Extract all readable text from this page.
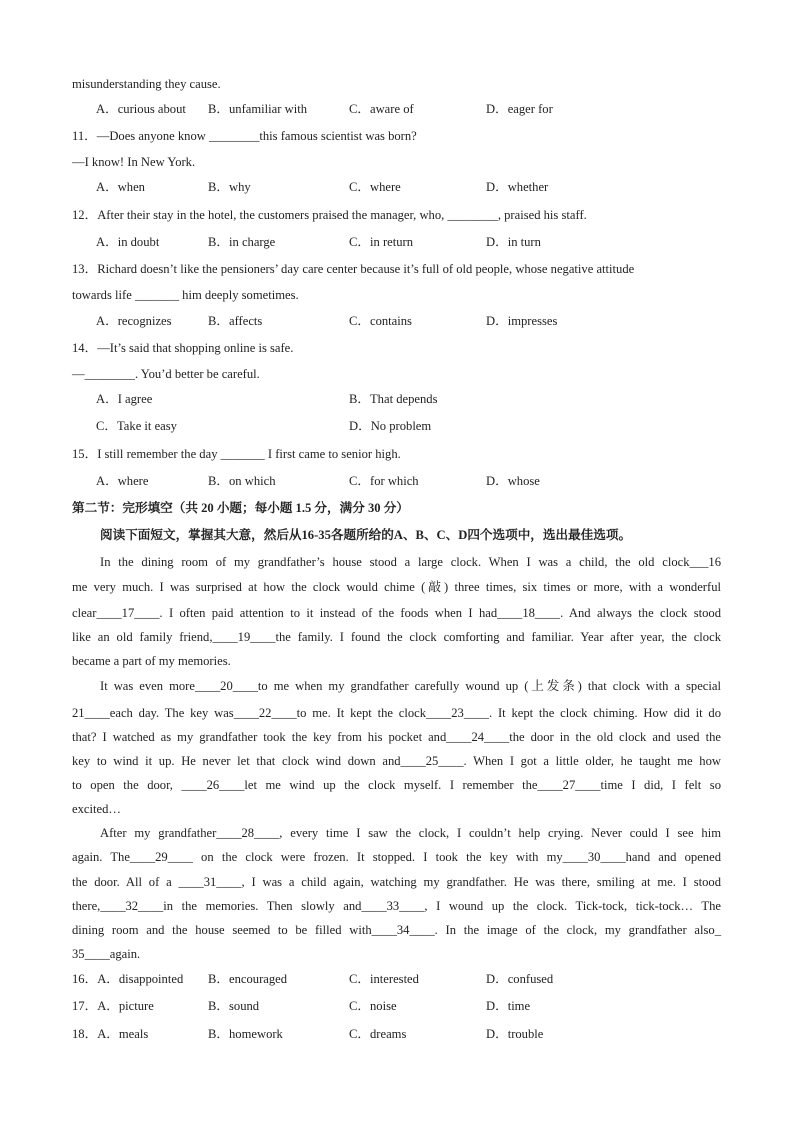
misunderstanding they cause.
A．curious about B．unfamiliar with	C．aware of	D．eager for
11．—Does anyone know ________this famous scientist was born?
—I know! In New York.
A．when	B．why	C．where	D．whether
12．After their stay in the hotel, the customers praised the manager, who, ________, praised his staff.
A．in doubt	B．in charge	C．in return	D．in turn
13．Richard doesn’t like the pensioners’ day care center because it’s full of old people, whose negative attitude
towards life _______ him deeply sometimes.
A．recognizes	B．affects	C．contains	D．impresses
14．—It’s said that shopping online is safe.
—________. You’d better be careful.
A．I agree	B．That depends
C．Take it easy	D．No problem
15．I still remember the day _______ I first came to senior high.
A．where	B．on which	C．for which	D．whose
第二节：完形填空（共 20 小题；每小题 1.5 分，满分 30 分）
阅读下面短文，掌握其大意，然后从16-35各题所给的A、B、C、D四个选项中，选出最佳选项。
In the dining room of my grandfather’s house stood a large clock. When I was a child, the old clock___16
me very much. I was surprised at how the clock would chime (敲) three times, six times or more, with a wonderful
clear____17____. I often paid attention to it instead of the foods when I had____18____. And always the clock stood
like an old family friend,____19____the family. I found the clock comforting and familiar. Year after year, the clock
became a part of my memories.
It was even more____20____to me when my grandfather carefully wound up (上发条) that clock with a special
21____each day. The key was____22____to me. It kept the clock____23____. It kept the clock chiming. How did it do
that? I watched as my grandfather took the key from his pocket and____24____the door in the old clock and used the
key to wind it up. He never let that clock wind down and____25____. When I got a little older, he taught me how
to open the door, ____26____let me wind up the clock myself. I remember the____27____time I did, I felt so
excited…
After my grandfather____28____, every time I saw the clock, I couldn’t help crying. Never could I see him
again. The____29____ on the clock were frozen. It stopped. I took the key with my____30____hand and opened
the door. All of a ____31____, I was a child again, watching my grandfather. He was there, smiling at me. I stood
there,____32____in the memories. Then slowly and____33____, I wound up the clock. Tick-tock, tick-tock… The
dining room and the house seemed to be filled with____34____. In the image of the clock, my grandfather also_
35____again.
16．A．disappointed B．encouraged	C．interested	D．confused
17．A．picture	B．sound	C．noise	D．time
18．A．meals	B．homework	C．dreams	D．trouble
